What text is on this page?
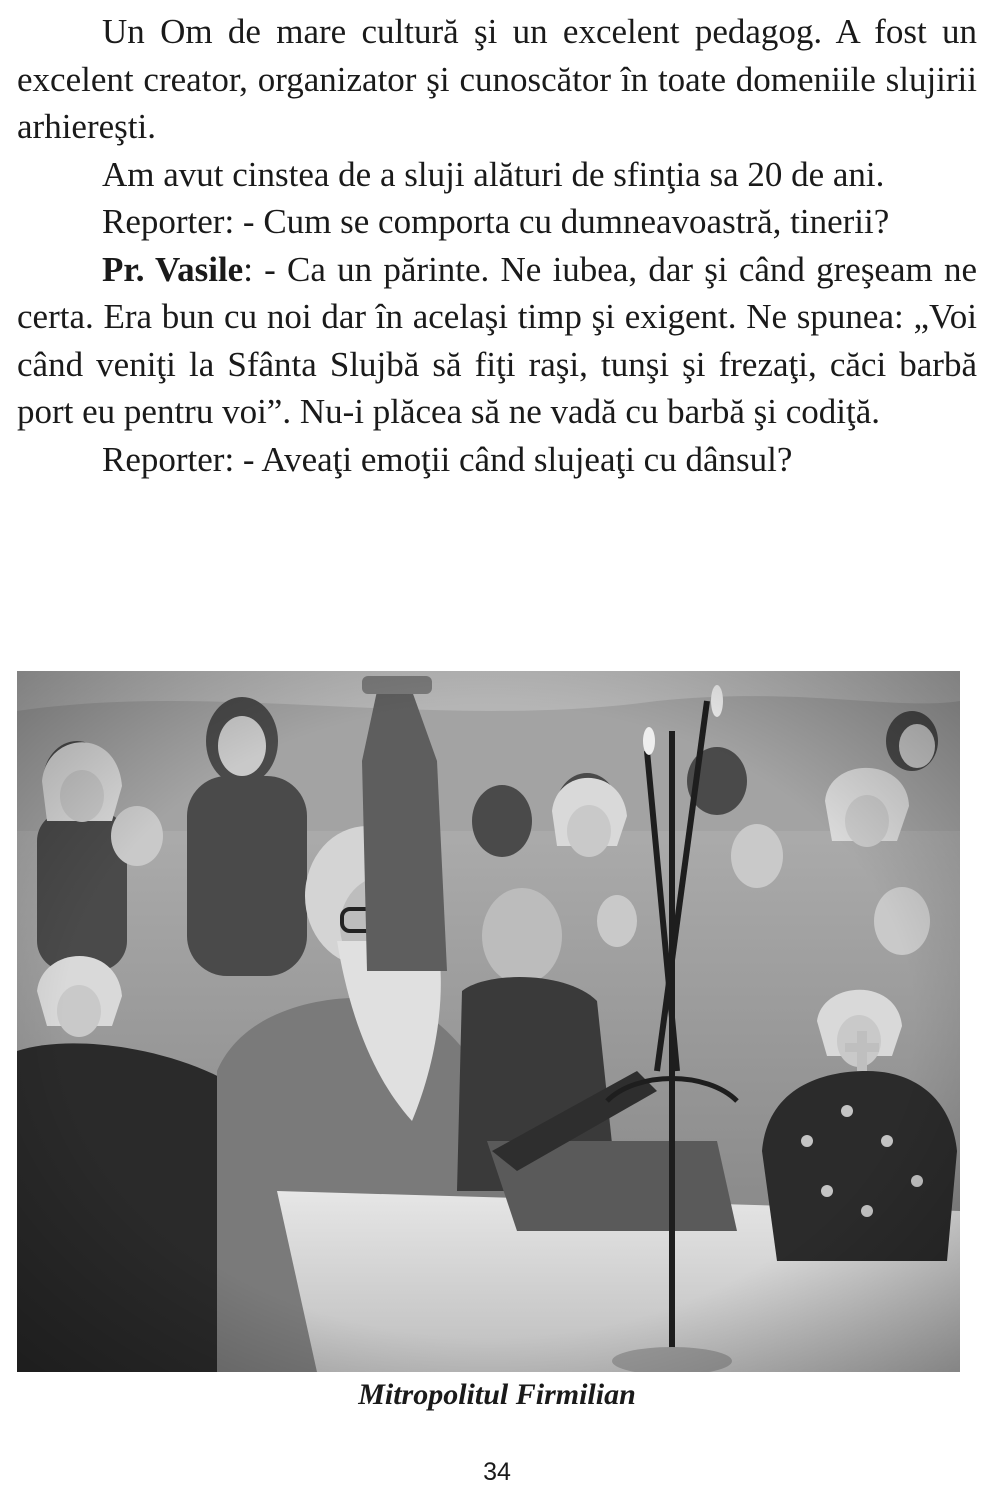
Un Om de mare cultură şi un excelent pedagog. A fost un excelent creator, organizator şi cunoscător în toate domeniile slujirii arhiereşti.

Am avut cinstea de a sluji alături de sfinţia sa 20 de ani.

Reporter: - Cum se comporta cu dumneavoastră, tinerii?

Pr. Vasile: - Ca un părinte. Ne iubea, dar şi când greşeam ne certa. Era bun cu noi dar în acelaşi timp şi exigent. Ne spunea: „Voi când veniţi la Sfânta Slujbă să fiţi raşi, tunşi şi frezaţi, căci barbă port eu pentru voi”. Nu-i plăcea să ne vadă cu barbă şi codiţă.

Reporter: - Aveaţi emoţii când slujeaţi cu dânsul?

Mitropolitul Firmilian
34
